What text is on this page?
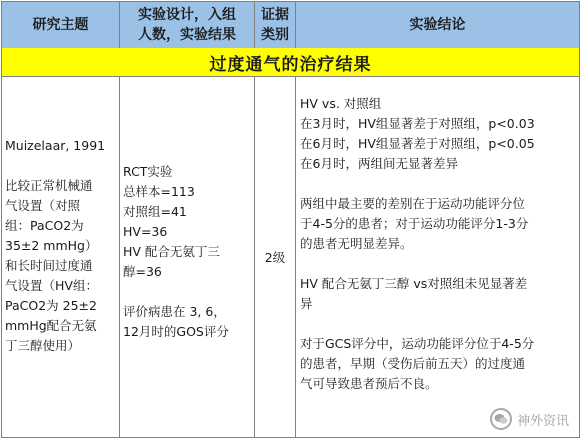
研究主题
实验设计，入组
人数，实验结果
证据
类别
实验结论
过度通气的治疗结果
Muizelaar, 1991
比较正常机械通
气设置（对照
组：PaCO2为
35±2 mmHg）
和长时间过度通
气设置（HV组：
PaCO2为 25±2
mmHg配合无氨
丁三醇使用）
RCT实验
总样本=113
对照组=41
HV=36
HV 配合无氨丁三
醇=36
评价病患在 3, 6，
12月时的GOS评分
2级
HV vs. 对照组
在3月时，HV组显著差于对照组，p<0.03
在6月时，HV组显著差于对照组，p<0.05
在6月时，两组间无显著差异
两组中最主要的差别在于运动功能评分位
于4-5分的患者；对于运动功能评分1-3分
的患者无明显差异。
HV 配合无氨丁三醇 vs对照组未见显著差
异
对于GCS评分中，运动功能评分位于4-5分
的患者，早期（受伤后前五天）的过度通
气可导致患者预后不良。
神外资讯
